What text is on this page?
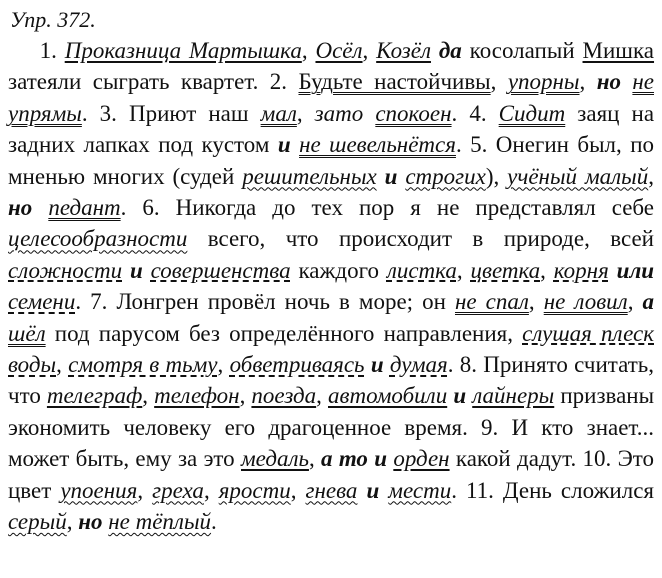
Упр. 372.

1. Проказница Мартышка, Осёл, Козёл да косолапый Мишка затеяли сыграть квартет. 2. Будьте настойчивы, упорны, но не упрямы. 3. Приют наш мал, зато спокоен. 4. Сидит заяц на задних лапках под кустом и не шевельнётся. 5. Онегин был, по мненью многих (судей решительных и строгих), учёный малый, но педант. 6. Никогда до тех пор я не представлял себе целесообразности всего, что происходит в природе, всей сложности и совершенства каждого листка, цветка, корня или семени. 7. Лонгрен провёл ночь в море; он не спал, не ловил, а шёл под парусом без определённого направления, слушая плеск воды, смотря в тьму, обветриваясь и думая. 8. Принято считать, что телеграф, телефон, поезда, автомобили и лайнеры призваны экономить человеку его драгоценное время. 9. И кто знает... может быть, ему за это медаль, а то и орден какой дадут. 10. Это цвет упоения, греха, ярости, гнева и мести. 11. День сложился серый, но не тёплый.
